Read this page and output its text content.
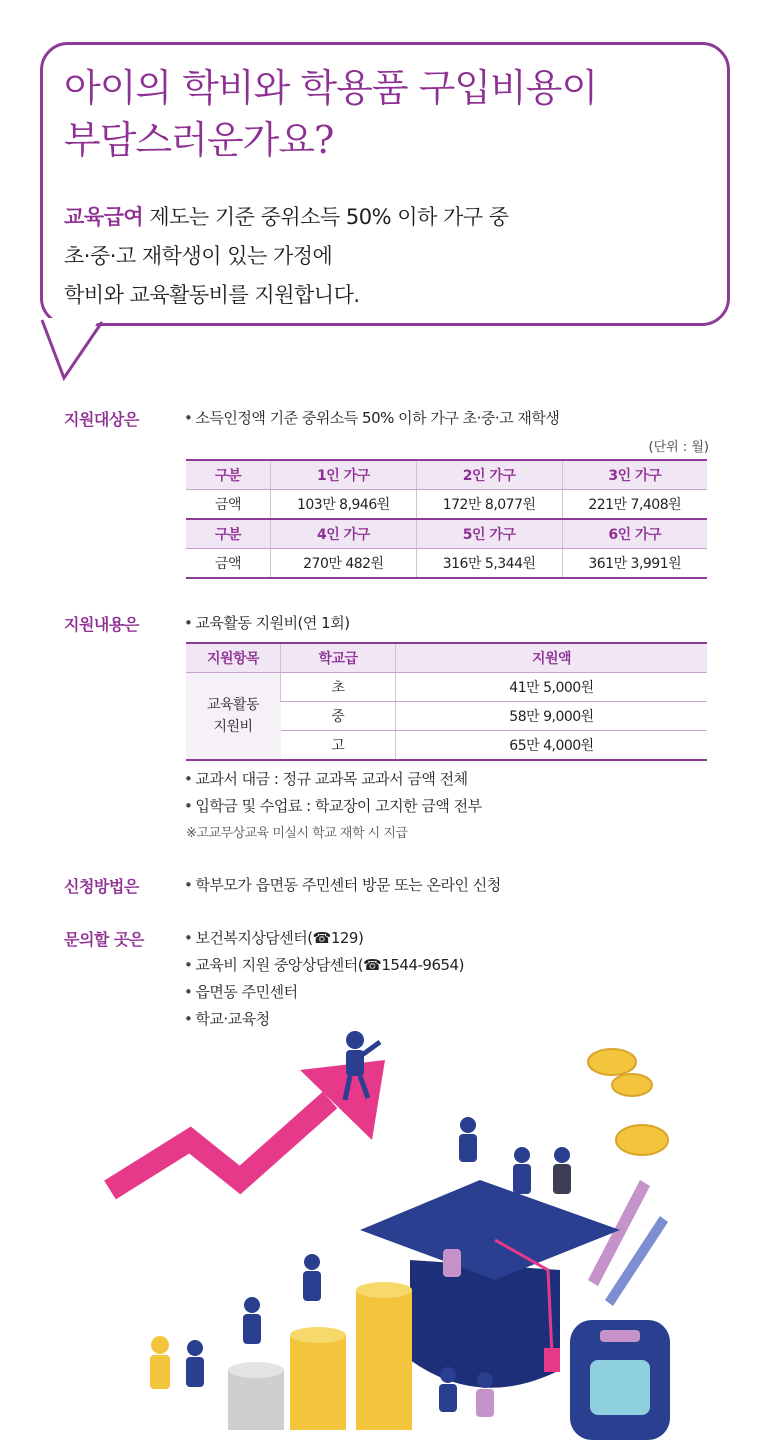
아이의 학비와 학용품 구입비용이
부담스러운가요?
교육급여 제도는 기준 중위소득 50% 이하 가구 중
초·중·고 재학생이 있는 가정에
학비와 교육활동비를 지원합니다.
지원대상은	• 소득인정액 기준 중위소득 50% 이하 가구 초·중·고 재학생
(단위 : 월)
구분	1인 가구	2인 가구	3인 가구
금액	103만 8,946원	172만 8,077원	221만 7,408원
구분	4인 가구	5인 가구	6인 가구
금액	270만 482원	316만 5,344원	361만 3,991원
지원내용은	• 교육활동 지원비(연 1회)
지원항목	학교급	지원액

교육활동
지원비	초	41만 5,000원
	중	58만 9,000원
	고	65만 4,000원
• 교과서 대금 : 정규 교과목 교과서 금액 전체
• 입학금 및 수업료 : 학교장이 고지한 금액 전부
※고교무상교육 미실시 학교 재학 시 지급
신청방법은	• 학부모가 읍면동 주민센터 방문 또는 온라인 신청
문의할 곳은	• 보건복지상담센터(☎129)
• 교육비 지원 중앙상담센터(☎1544-9654)
• 읍면동 주민센터
• 학교·교육청
